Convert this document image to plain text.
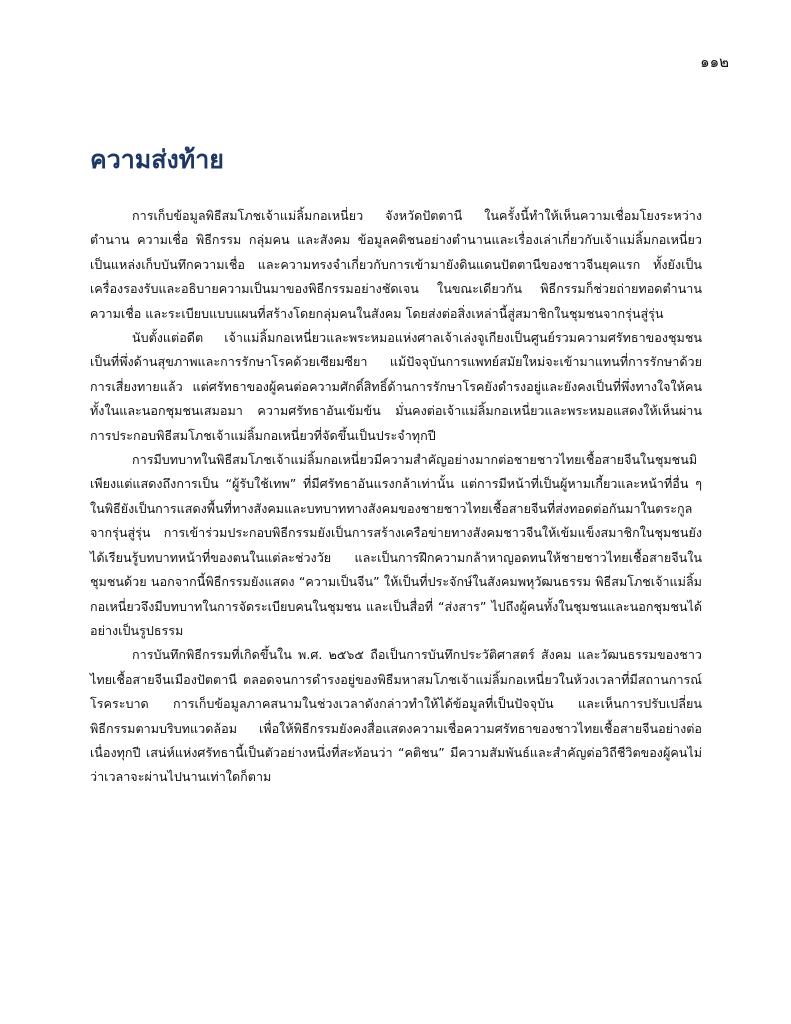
๑๑๒
ความส่งท้าย

การเก็บข้อมูลพิธีสมโภชเจ้าแม่ลิ้มกอเหนี่ยว จังหวัดปัตตานี ในครั้งนี้ทำให้เห็นความเชื่อมโยงระหว่างตำนาน ความเชื่อ พิธีกรรม กลุ่มคน และสังคม ข้อมูลคติชนอย่างตำนานและเรื่องเล่าเกี่ยวกับเจ้าแม่ลิ้มกอเหนี่ยวเป็นแหล่งเก็บบันทึกความเชื่อ และความทรงจำเกี่ยวกับการเข้ามายังดินแดนปัตตานีของชาวจีนยุคแรก ทั้งยังเป็นเครื่องรองรับและอธิบายความเป็นมาของพิธีกรรมอย่างชัดเจน ในขณะเดียวกัน พิธีกรรมก็ช่วยถ่ายทอดตำนานความเชื่อ และระเบียบแบบแผนที่สร้างโดยกลุ่มคนในสังคม โดยส่งต่อสิ่งเหล่านี้สู่สมาชิกในชุมชนจากรุ่นสู่รุ่น

นับตั้งแต่อดีต เจ้าแม่ลิ้มกอเหนี่ยวและพระหมอแห่งศาลเจ้าเล่งจูเกียงเป็นศูนย์รวมความศรัทธาของชุมชนเป็นที่พึ่งด้านสุขภาพและการรักษาโรคด้วยเซียมซียา แม้ปัจจุบันการแพทย์สมัยใหม่จะเข้ามาแทนที่การรักษาด้วยการเสี่ยงทายแล้ว แต่ศรัทธาของผู้คนต่อความศักดิ์สิทธิ์ด้านการรักษาโรคยังดำรงอยู่และยังคงเป็นที่พึ่งทางใจให้คนทั้งในและนอกชุมชนเสมอมา ความศรัทธาอันเข้มข้น มั่นคงต่อเจ้าแม่ลิ้มกอเหนี่ยวและพระหมอแสดงให้เห็นผ่านการประกอบพิธีสมโภชเจ้าแม่ลิ้มกอเหนี่ยวที่จัดขึ้นเป็นประจำทุกปี

การมีบทบาทในพิธีสมโภชเจ้าแม่ลิ้มกอเหนี่ยวมีความสำคัญอย่างมากต่อชายชาวไทยเชื้อสายจีนในชุมชนมิเพียงแต่แสดงถึงการเป็น “ผู้รับใช้เทพ” ที่มีศรัทธาอันแรงกล้าเท่านั้น แต่การมีหน้าที่เป็นผู้หามเกี้ยวและหน้าที่อื่น ๆ ในพิธียังเป็นการแสดงพื้นที่ทางสังคมและบทบาททางสังคมของชายชาวไทยเชื้อสายจีนที่ส่งทอดต่อกันมาในตระกูลจากรุ่นสู่รุ่น การเข้าร่วมประกอบพิธีกรรมยังเป็นการสร้างเครือข่ายทางสังคมชาวจีนให้เข้มแข็งสมาชิกในชุมชนยังได้เรียนรู้บทบาทหน้าที่ของตนในแต่ละช่วงวัย และเป็นการฝึกความกล้าหาญอดทนให้ชายชาวไทยเชื้อสายจีนในชุมชนด้วย นอกจากนี้พิธีกรรมยังแสดง “ความเป็นจีน” ให้เป็นที่ประจักษ์ในสังคมพหุวัฒนธรรม พิธีสมโภชเจ้าแม่ลิ้มกอเหนี่ยวจึงมีบทบาทในการจัดระเบียบคนในชุมชน และเป็นสื่อที่ “ส่งสาร” ไปถึงผู้คนทั้งในชุมชนและนอกชุมชนได้อย่างเป็นรูปธรรม

การบันทึกพิธีกรรมที่เกิดขึ้นใน พ.ศ. ๒๕๖๕ ถือเป็นการบันทึกประวัติศาสตร์ สังคม และวัฒนธรรมของชาวไทยเชื้อสายจีนเมืองปัตตานี ตลอดจนการดำรงอยู่ของพิธีมหาสมโภชเจ้าแม่ลิ้มกอเหนี่ยวในห้วงเวลาที่มีสถานการณ์โรคระบาด การเก็บข้อมูลภาคสนามในช่วงเวลาดังกล่าวทำให้ได้ข้อมูลที่เป็นปัจจุบัน และเห็นการปรับเปลี่ยนพิธีกรรมตามบริบทแวดล้อม เพื่อให้พิธีกรรมยังคงสื่อแสดงความเชื่อความศรัทธาของชาวไทยเชื้อสายจีนอย่างต่อเนื่องทุกปี เสน่ห์แห่งศรัทธานี้เป็นตัวอย่างหนึ่งที่สะท้อนว่า “คติชน” มีความสัมพันธ์และสำคัญต่อวิถีชีวิตของผู้คนไม่ว่าเวลาจะผ่านไปนานเท่าใดก็ตาม
